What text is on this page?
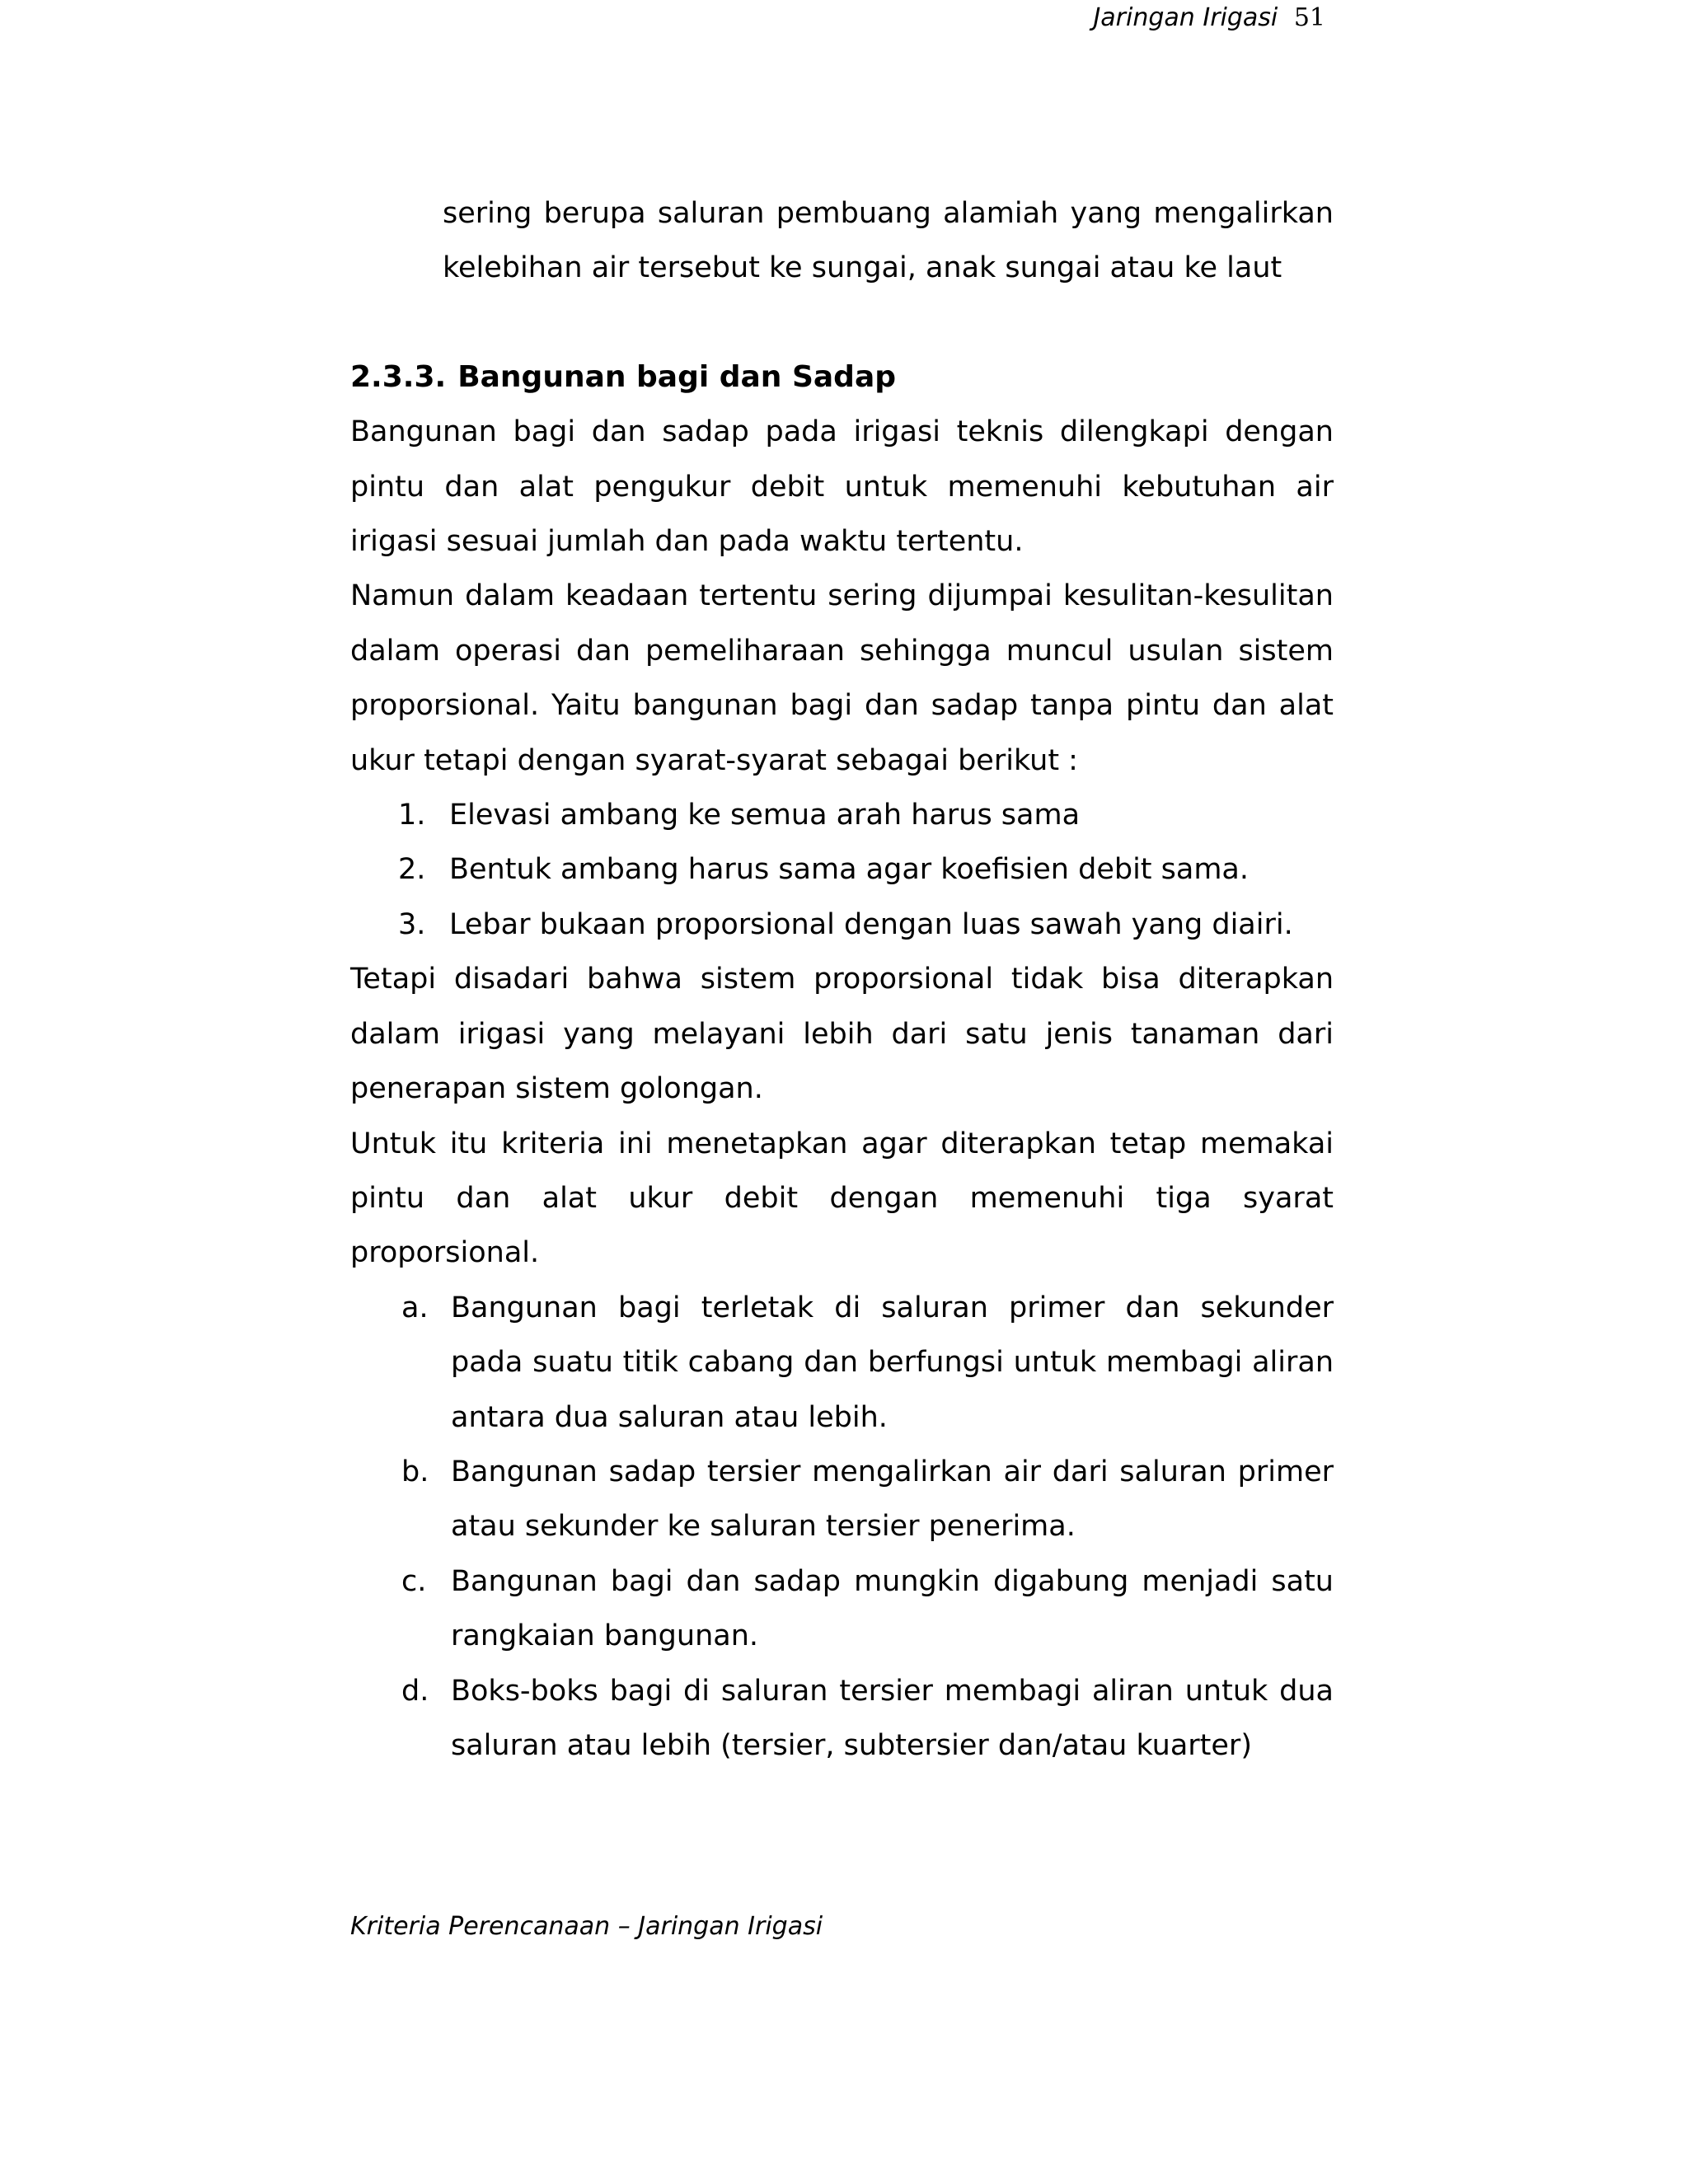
Jaringan Irigasi 51

sering berupa saluran pembuang alamiah yang mengalirkan kelebihan air tersebut ke sungai, anak sungai atau ke laut

2.3.3. Bangunan bagi dan Sadap

Bangunan bagi dan sadap pada irigasi teknis dilengkapi dengan pintu dan alat pengukur debit untuk memenuhi kebutuhan air irigasi sesuai jumlah dan pada waktu tertentu.

Namun dalam keadaan tertentu sering dijumpai kesulitan-kesulitan dalam operasi dan pemeliharaan sehingga muncul usulan sistem proporsional. Yaitu bangunan bagi dan sadap tanpa pintu dan alat ukur tetapi dengan syarat-syarat sebagai berikut :

1. Elevasi ambang ke semua arah harus sama
2. Bentuk ambang harus sama agar koefisien debit sama.
3. Lebar bukaan proporsional dengan luas sawah yang diairi.

Tetapi disadari bahwa sistem proporsional tidak bisa diterapkan dalam irigasi yang melayani lebih dari satu jenis tanaman dari penerapan sistem golongan.

Untuk itu kriteria ini menetapkan agar diterapkan tetap memakai pintu dan alat ukur debit dengan memenuhi tiga syarat proporsional.

a. Bangunan bagi terletak di saluran primer dan sekunder pada suatu titik cabang dan berfungsi untuk membagi aliran antara dua saluran atau lebih.
b. Bangunan sadap tersier mengalirkan air dari saluran primer atau sekunder ke saluran tersier penerima.
c. Bangunan bagi dan sadap mungkin digabung menjadi satu rangkaian bangunan.
d. Boks-boks bagi di saluran tersier membagi aliran untuk dua saluran atau lebih (tersier, subtersier dan/atau kuarter)
Kriteria Perencanaan – Jaringan Irigasi
